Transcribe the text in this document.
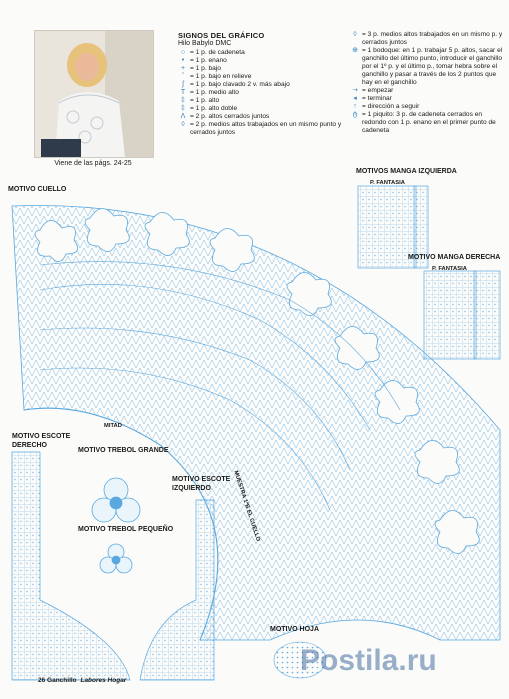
Viene de las págs. 24-25
SIGNOS DEL GRÁFICO
Hilo Babylo DMC
○ = 1 p. de cadeneta
• = 1 p. enano
+ = 1 p. bajo
ˇ = 1 p. bajo en relieve
ʃ = 1 p. bajo clavado 2 v. más abajo
T = 1 p. medio alto
‡ = 1 p. alto
‡ = 1 p. alto doble
Λ = 2 p. altos cerrados juntos
◊ = 2 p. medios altos trabajados en un mismo punto y cerrados juntos
◊ = 3 p. medios altos trabajados en un mismo p. y cerrados juntos
⊕ = 1 bodoque: en 1 p. trabajar 5 p. altos, sacar el ganchillo del último punto, introducir el ganchillo por el 1º p. y el último p., tomar hebra sobre el ganchillo y pasar a través de los 2 puntos que hay en el ganchillo
➝ = empezar
◂ = terminar
↑ = dirección a seguir
ტ = 1 piquito: 3 p. de cadeneta cerrados en redondo con 1 p. enano en el primer punto de cadeneta
MOTIVO CUELLO
MOTIVOS MANGA IZQUIERDA
P. FANTASIA
MOTIVO MANGA DERECHA
P. FANTASIA
MOTIVO ESCOTE
DERECHO
MITAD
MOTIVO TREBOL GRANDE
MOTIVO ESCOTE
IZQUIERDO
MOTIVO TREBOL PEQUEÑO
MOTIVO HOJA
MUESTRA 1ªB EL CUELLO
26 Ganchillo Labores Hogar
Postila.ru
